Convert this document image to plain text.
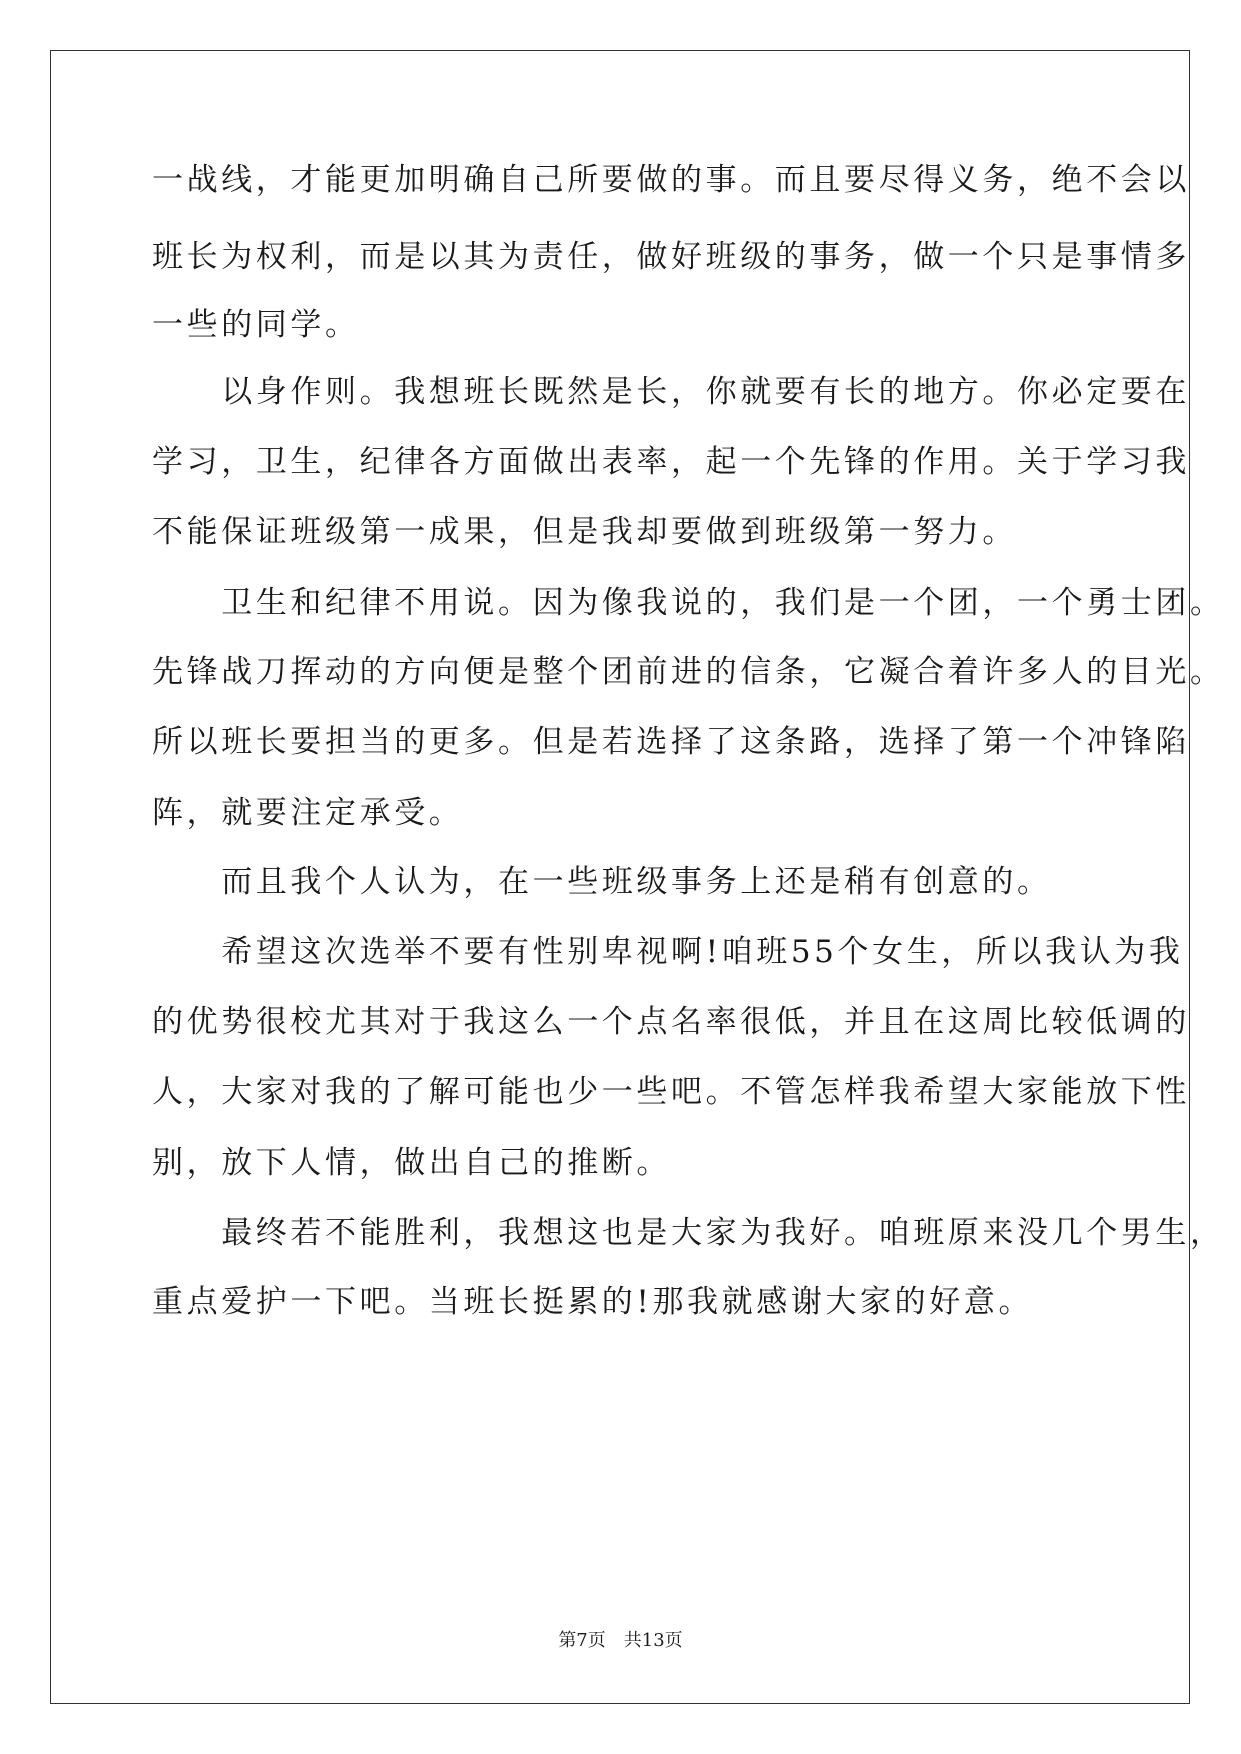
一战线，才能更加明确自己所要做的事。而且要尽得义务，绝不会以
班长为权利，而是以其为责任，做好班级的事务，做一个只是事情多
一些的同学。
　　以身作则。我想班长既然是长，你就要有长的地方。你必定要在
学习，卫生，纪律各方面做出表率，起一个先锋的作用。关于学习我
不能保证班级第一成果，但是我却要做到班级第一努力。
　　卫生和纪律不用说。因为像我说的，我们是一个团，一个勇士团。
先锋战刀挥动的方向便是整个团前进的信条，它凝合着许多人的目光。
所以班长要担当的更多。但是若选择了这条路，选择了第一个冲锋陷
阵，就要注定承受。
　　而且我个人认为，在一些班级事务上还是稍有创意的。
　　希望这次选举不要有性别卑视啊!咱班55个女生，所以我认为我
的优势很校尤其对于我这么一个点名率很低，并且在这周比较低调的
人，大家对我的了解可能也少一些吧。不管怎样我希望大家能放下性
别，放下人情，做出自己的推断。
　　最终若不能胜利，我想这也是大家为我好。咱班原来没几个男生，
重点爱护一下吧。当班长挺累的!那我就感谢大家的好意。
第7页　共13页
